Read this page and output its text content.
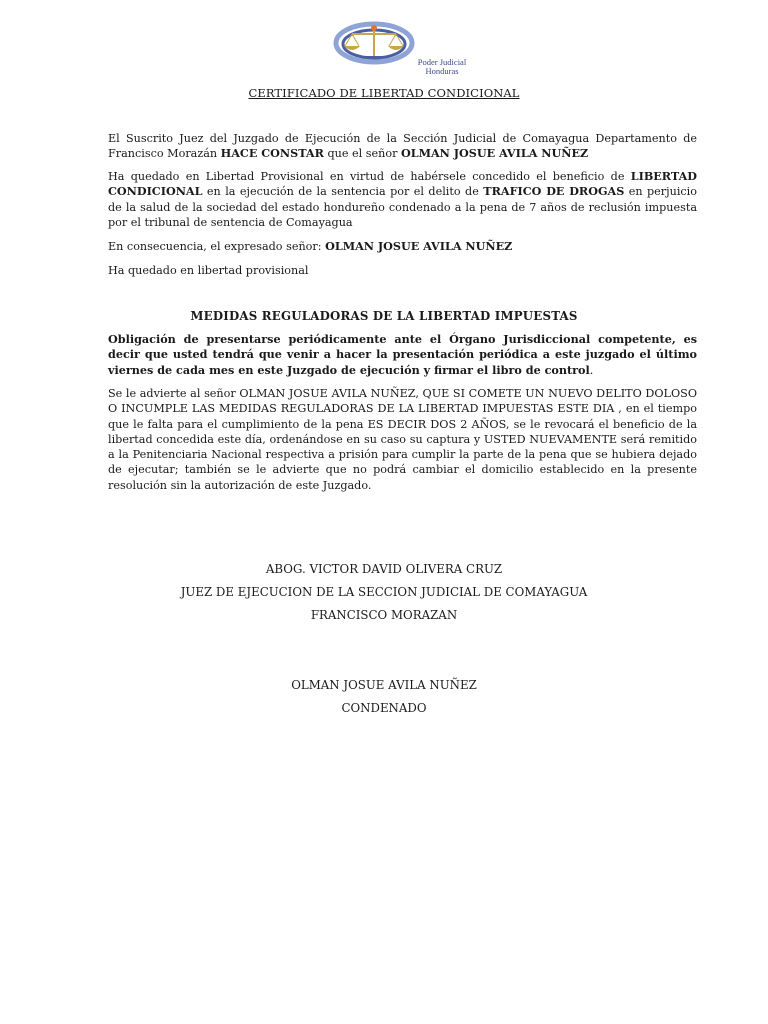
Poder Judicial
Honduras
CERTIFICADO DE LIBERTAD CONDICIONAL

El Suscrito Juez del Juzgado de Ejecución de la Sección Judicial de Comayagua Departamento de Francisco Morazán HACE CONSTAR que el señor OLMAN JOSUE AVILA NUÑEZ

Ha quedado en Libertad Provisional en virtud de habérsele concedido el beneficio de LIBERTAD CONDICIONAL en la ejecución de la sentencia por el delito de TRAFICO DE DROGAS en perjuicio de la salud de la sociedad del estado hondureño condenado a la pena de 7 años de reclusión impuesta por el tribunal de sentencia de Comayagua

En consecuencia, el expresado señor: OLMAN JOSUE AVILA NUÑEZ

Ha quedado en libertad provisional

MEDIDAS REGULADORAS DE LA LIBERTAD IMPUESTAS

Obligación de presentarse periódicamente ante el Órgano Jurisdiccional competente, es decir que usted tendrá que venir a hacer la presentación periódica a este juzgado el último viernes de cada mes en este Juzgado de ejecución y firmar el libro de control.

Se le advierte al señor OLMAN JOSUE AVILA NUÑEZ, QUE SI COMETE UN NUEVO DELITO DOLOSO O INCUMPLE LAS MEDIDAS REGULADORAS DE LA LIBERTAD IMPUESTAS ESTE DIA , en el tiempo que le falta para el cumplimiento de la pena ES DECIR DOS 2 AÑOS, se le revocará el beneficio de la libertad concedida este día, ordenándose en su caso su captura y USTED NUEVAMENTE será remitido a la Penitenciaria Nacional respectiva a prisión para cumplir la parte de la pena que se hubiera dejado de ejecutar; también se le advierte que no podrá cambiar el domicilio establecido en la presente resolución sin la autorización de este Juzgado.

ABOG. VICTOR DAVID OLIVERA CRUZ
JUEZ DE EJECUCION DE LA SECCION JUDICIAL DE COMAYAGUA
FRANCISCO MORAZAN
OLMAN JOSUE AVILA NUÑEZ
CONDENADO
